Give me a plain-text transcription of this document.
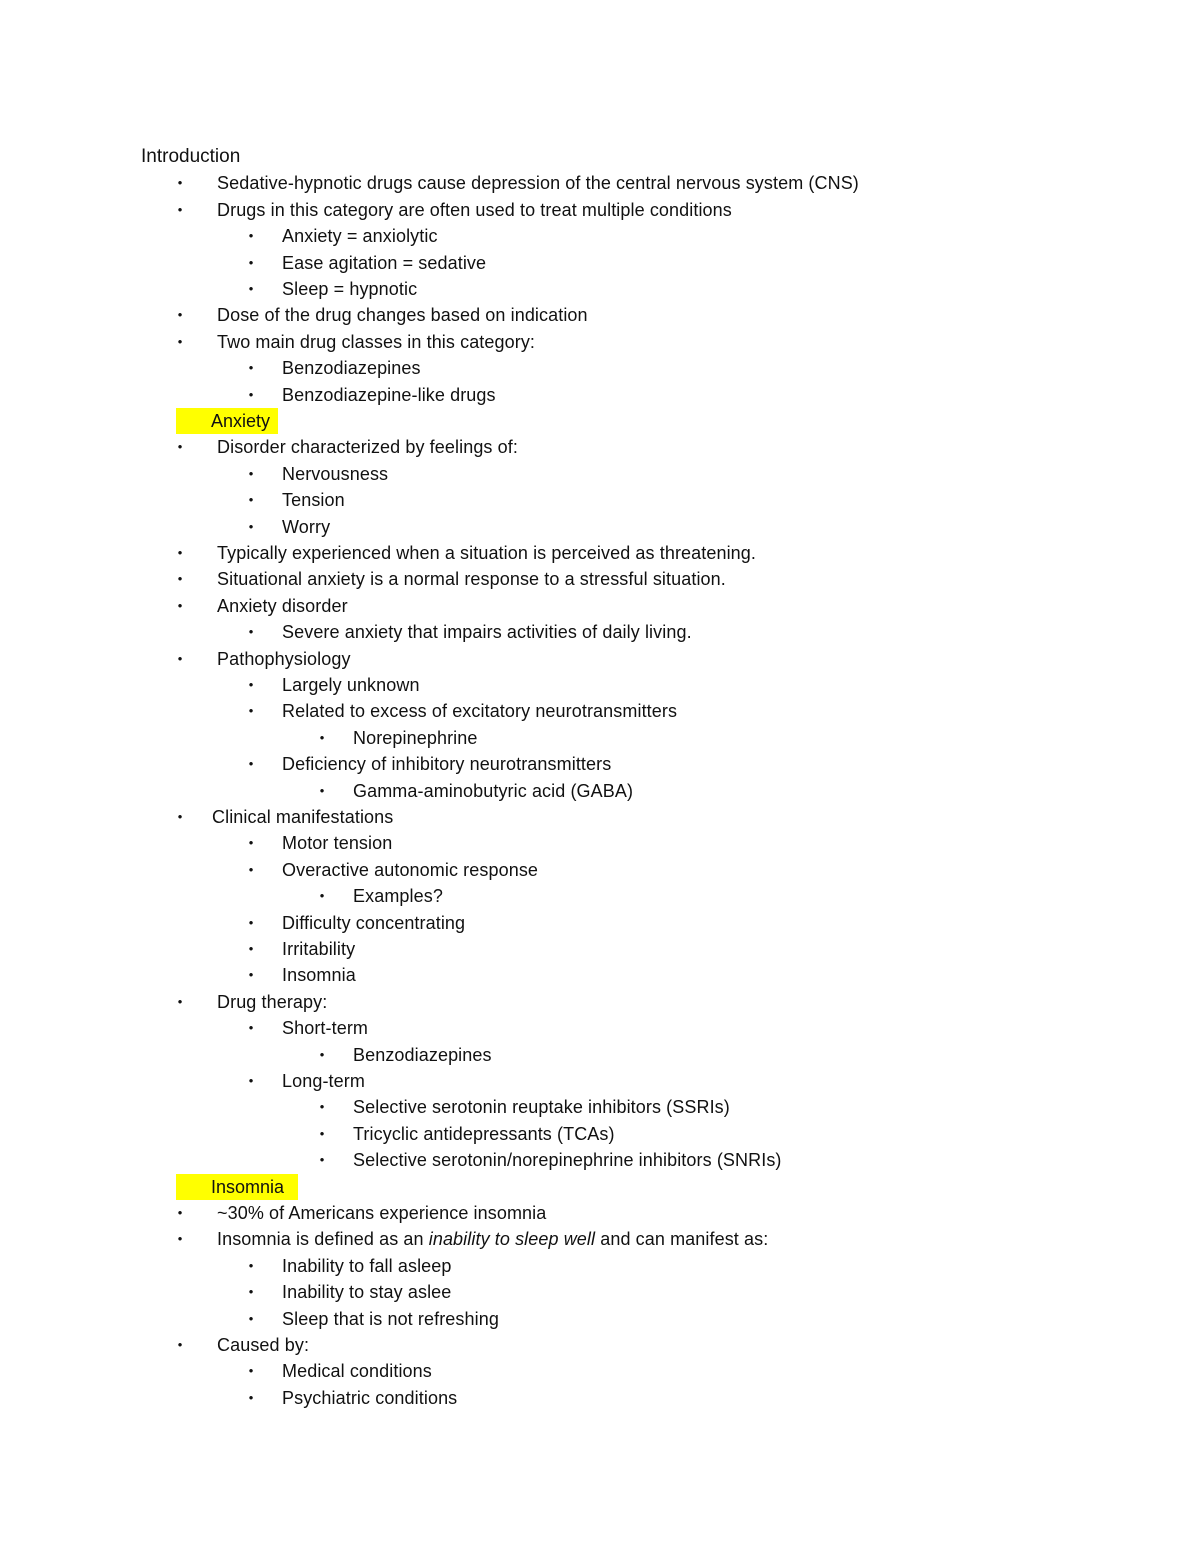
Introduction
• Sedative-hypnotic drugs cause depression of the central nervous system (CNS)
• Drugs in this category are often used to treat multiple conditions
• Anxiety = anxiolytic
• Ease agitation = sedative
• Sleep = hypnotic
• Dose of the drug changes based on indication
• Two main drug classes in this category:
• Benzodiazepines
• Benzodiazepine-like drugs
Anxiety
• Disorder characterized by feelings of:
• Nervousness
• Tension
• Worry
• Typically experienced when a situation is perceived as threatening.
• Situational anxiety is a normal response to a stressful situation.
• Anxiety disorder
• Severe anxiety that impairs activities of daily living.
• Pathophysiology
• Largely unknown
• Related to excess of excitatory neurotransmitters
• Norepinephrine
• Deficiency of inhibitory neurotransmitters
• Gamma-aminobutyric acid (GABA)
• Clinical manifestations
• Motor tension
• Overactive autonomic response
• Examples?
• Difficulty concentrating
• Irritability
• Insomnia
• Drug therapy:
• Short-term
• Benzodiazepines
• Long-term
• Selective serotonin reuptake inhibitors (SSRIs)
• Tricyclic antidepressants (TCAs)
• Selective serotonin/norepinephrine inhibitors (SNRIs)
Insomnia
• ~30% of Americans experience insomnia
• Insomnia is defined as an inability to sleep well and can manifest as:
• Inability to fall asleep
• Inability to stay aslee
• Sleep that is not refreshing
• Caused by:
• Medical conditions
• Psychiatric conditions
